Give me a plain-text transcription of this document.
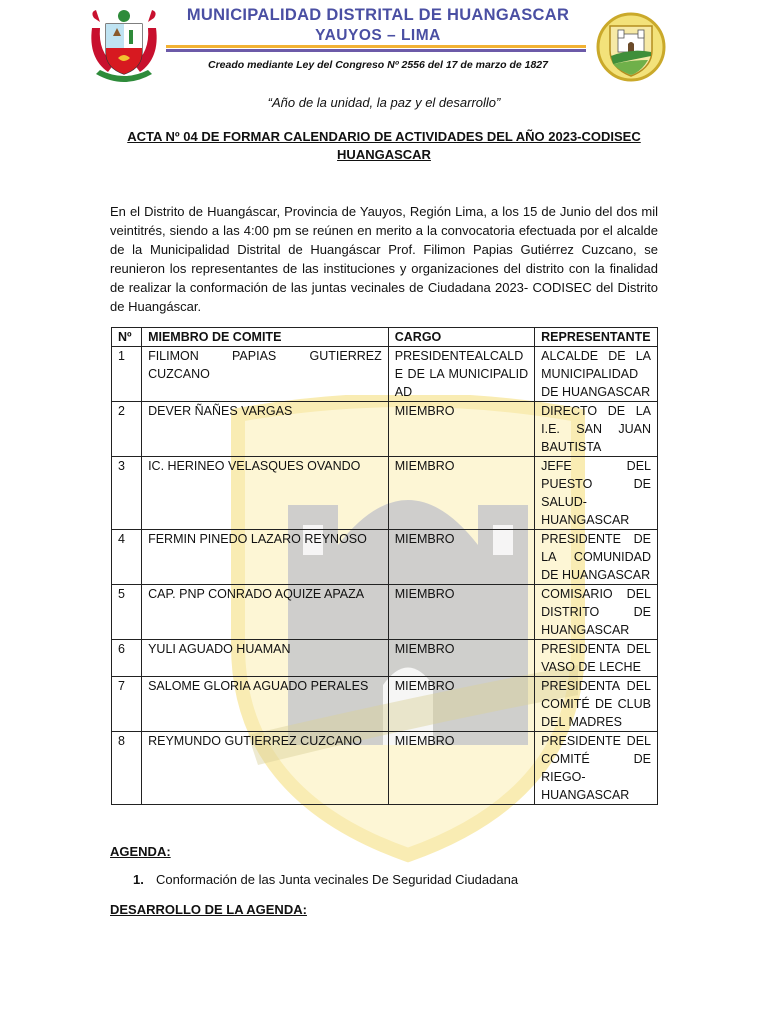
MUNICIPALIDAD DISTRITAL DE HUANGASCAR
YAUYOS – LIMA
Creado mediante Ley del Congreso Nº 2556 del 17 de marzo de 1827
“Año de la unidad, la paz y el desarrollo”
ACTA Nº 04 DE FORMAR CALENDARIO DE ACTIVIDADES DEL AÑO 2023-CODISEC HUANGASCAR

En el Distrito de Huangáscar, Provincia de Yauyos, Región Lima, a los 15 de Junio del dos mil veintitrés, siendo a las 4:00 pm se reúnen en merito a la convocatoria efectuada por el alcalde de la Municipalidad Distrital de Huangáscar Prof. Filimon Papias Gutiérrez Cuzcano, se reunieron los representantes de las instituciones y organizaciones del distrito con la finalidad de realizar la conformación de las juntas vecinales de Ciudadana 2023- CODISEC del Distrito de Huangáscar.

Nº	MIEMBRO DE COMITE	CARGO	REPRESENTANTE
1	FILIMON PAPIAS GUTIERREZ CUZCANO	PRESIDENTEALCALDE DE LA MUNICIPALIDAD	ALCALDE DE LA MUNICIPALIDAD DE HUANGASCAR
2	DEVER ÑAÑES VARGAS	MIEMBRO	DIRECTO DE LA I.E. SAN JUAN BAUTISTA
3	IC. HERINEO VELASQUES OVANDO	MIEMBRO	JEFE DEL PUESTO DE SALUD-HUANGASCAR
4	FERMIN PINEDO LAZARO REYNOSO	MIEMBRO	PRESIDENTE DE LA COMUNIDAD DE HUANGASCAR
5	CAP. PNP CONRADO AQUIZE APAZA	MIEMBRO	COMISARIO DEL DISTRITO DE HUANGASCAR
6	YULI AGUADO HUAMAN	MIEMBRO	PRESIDENTA DEL VASO DE LECHE
7	SALOME GLORIA AGUADO PERALES	MIEMBRO	PRESIDENTA DEL COMITÉ DE CLUB DEL MADRES
8	REYMUNDO GUTIERREZ CUZCANO	MIEMBRO	PRESIDENTE DEL COMITÉ DE RIEGO-HUANGASCAR
AGENDA:
1. Conformación de las Junta vecinales De Seguridad Ciudadana
DESARROLLO DE LA AGENDA:
